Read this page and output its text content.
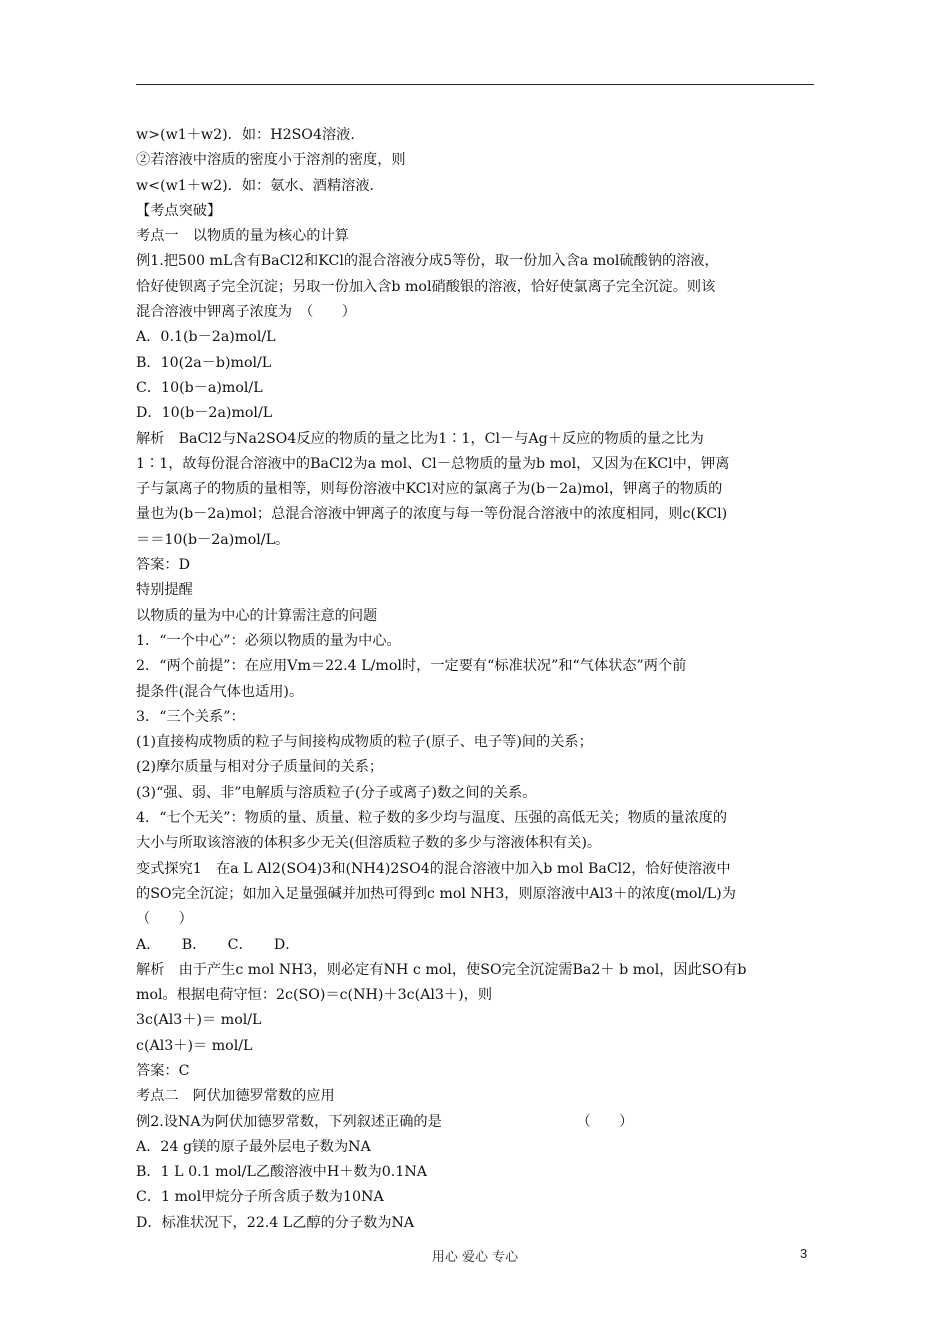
w>(w1＋w2)．如：H2SO4溶液．
②若溶液中溶质的密度小于溶剂的密度，则
w<(w1＋w2)．如：氨水、酒精溶液．
【考点突破】
考点一　以物质的量为核心的计算
例1.把500 mL含有BaCl2和KCl的混合溶液分成5等份，取一份加入含a mol硫酸钠的溶液，
恰好使钡离子完全沉淀；另取一份加入含b mol硝酸银的溶液，恰好使氯离子完全沉淀。则该
混合溶液中钾离子浓度为　（　　）
A．0.1(b－2a)mol/L
B．10(2a－b)mol/L
C．10(b－a)mol/L
D．10(b－2a)mol/L
解析　BaCl2与Na2SO4反应的物质的量之比为1∶1，Cl－与Ag＋反应的物质的量之比为
1∶1，故每份混合溶液中的BaCl2为a mol、Cl－总物质的量为b mol，又因为在KCl中，钾离
子与氯离子的物质的量相等，则每份溶液中KCl对应的氯离子为(b－2a)mol，钾离子的物质的
量也为(b－2a)mol；总混合溶液中钾离子的浓度与每一等份混合溶液中的浓度相同，则c(KCl)
＝＝10(b－2a)mol/L。
答案：D
特别提醒
以物质的量为中心的计算需注意的问题
1．“一个中心”：必须以物质的量为中心。
2．“两个前提”：在应用Vm＝22.4 L/mol时，一定要有“标准状况”和“气体状态”两个前
提条件(混合气体也适用)。
3．“三个关系”：
(1)直接构成物质的粒子与间接构成物质的粒子(原子、电子等)间的关系；
(2)摩尔质量与相对分子质量间的关系；
(3)“强、弱、非”电解质与溶质粒子(分子或离子)数之间的关系。
4．“七个无关”：物质的量、质量、粒子数的多少均与温度、压强的高低无关；物质的量浓度的
大小与所取该溶液的体积多少无关(但溶质粒子数的多少与溶液体积有关)。
变式探究1　在a L Al2(SO4)3和(NH4)2SO4的混合溶液中加入b mol BaCl2，恰好使溶液中
的SO完全沉淀；如加入足量强碱并加热可得到c mol NH3，则原溶液中Al3＋的浓度(mol/L)为
（　　）
A．　　B．　　C．　　D．
解析　由于产生c mol NH3，则必定有NH c mol，使SO完全沉淀需Ba2＋ b mol，因此SO有b
mol。根据电荷守恒：2c(SO)＝c(NH)＋3c(Al3＋)，则
3c(Al3＋)＝ mol/L
c(Al3＋)＝ mol/L
答案：C
考点二　阿伏加德罗常数的应用
例2.设NA为阿伏加德罗常数，下列叙述正确的是　　　　　　　　　　（　　）
A．24 g镁的原子最外层电子数为NA
B．1 L 0.1 mol/L乙酸溶液中H＋数为0.1NA
C．1 mol甲烷分子所含质子数为10NA
D．标准状况下，22.4 L乙醇的分子数为NA
用心 爱心 专心	3
